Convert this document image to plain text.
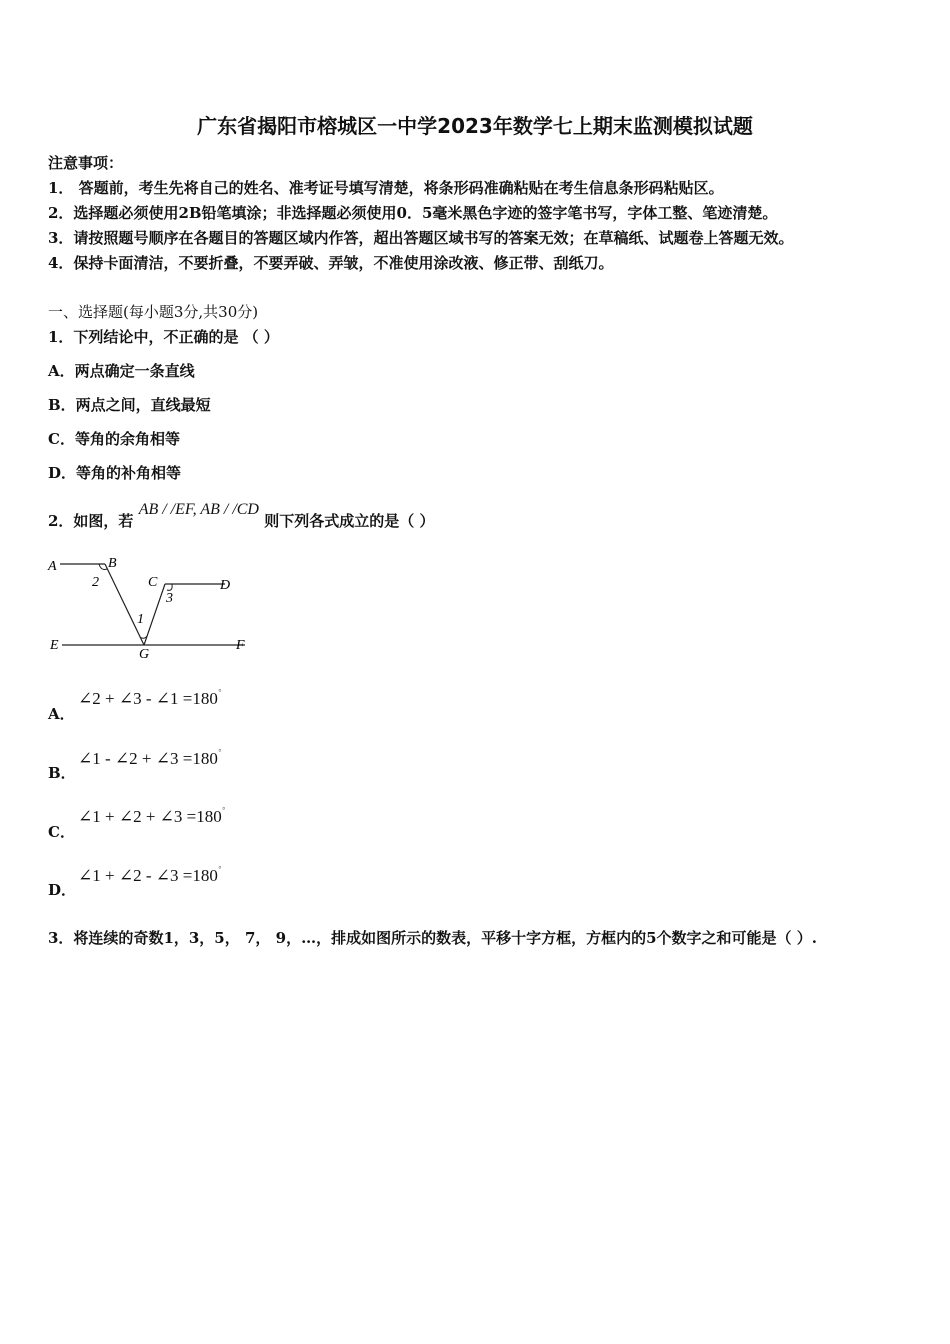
广东省揭阳市榕城区一中学2023年数学七上期末监测模拟试题
注意事项：
1． 答题前，考生先将自己的姓名、准考证号填写清楚，将条形码准确粘贴在考生信息条形码粘贴区。
2．选择题必须使用2B铅笔填涂；非选择题必须使用0．5毫米黑色字迹的签字笔书写，字体工整、笔迹清楚。
3．请按照题号顺序在各题目的答题区域内作答，超出答题区域书写的答案无效；在草稿纸、试题卷上答题无效。
4．保持卡面清洁，不要折叠，不要弄破、弄皱，不准使用涂改液、修正带、刮纸刀。
一、选择题(每小题3分,共30分)
1．下列结论中，不正确的是 （ ）
A．两点确定一条直线
B．两点之间，直线最短
C．等角的余角相等
D．等角的补角相等
2．如图，若 AB / /EF, AB / /CD 则下列各式成立的是（ ）
A	B
2	C
3
D
1
E
G
F
A．
∠2 + ∠3 - ∠1 =180°
B．
∠1 - ∠2 + ∠3 =180°
C．
∠1 + ∠2 + ∠3 =180°
D．
∠1 + ∠2 - ∠3 =180°
3．将连续的奇数1，3，5， 7， 9，…，排成如图所示的数表，平移十字方框，方框内的5个数字之和可能是（ ）.
